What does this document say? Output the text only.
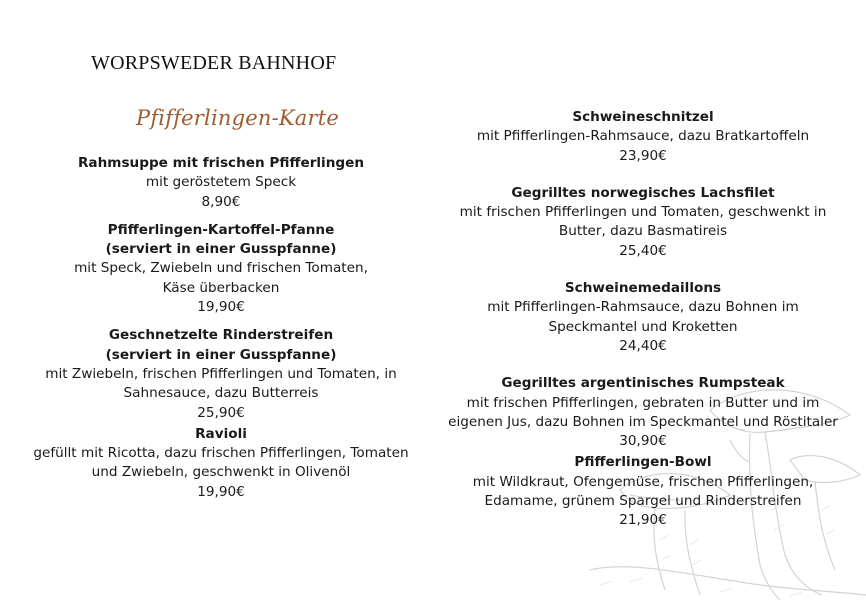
WORPSWEDER BAHNHOF
Pfifferlingen-Karte
Rahmsuppe mit frischen Pfifferlingen
mit geröstetem Speck
8,90€
Pfifferlingen-Kartoffel-Pfanne
(serviert in einer Gusspfanne)
mit Speck, Zwiebeln und frischen Tomaten,
Käse überbacken
19,90€
Geschnetzelte Rinderstreifen
(serviert in einer Gusspfanne)
mit Zwiebeln, frischen Pfifferlingen und Tomaten, in
Sahnesauce, dazu Butterreis
25,90€
Ravioli
gefüllt mit Ricotta, dazu frischen Pfifferlingen, Tomaten
und Zwiebeln, geschwenkt in Olivenöl
19,90€
Schweineschnitzel
mit Pfifferlingen-Rahmsauce, dazu Bratkartoffeln
23,90€
Gegrilltes norwegisches Lachsfilet
mit frischen Pfifferlingen und Tomaten, geschwenkt in
Butter, dazu Basmatireis
25,40€
Schweinemedaillons
mit Pfifferlingen-Rahmsauce, dazu Bohnen im
Speckmantel und Kroketten
24,40€
Gegrilltes argentinisches Rumpsteak
mit frischen Pfifferlingen, gebraten in Butter und im
eigenen Jus, dazu Bohnen im Speckmantel und Röstitaler
30,90€
Pfifferlingen-Bowl
mit Wildkraut, Ofengemüse, frischen Pfifferlingen,
Edamame, grünem Spargel und Rinderstreifen
21,90€
